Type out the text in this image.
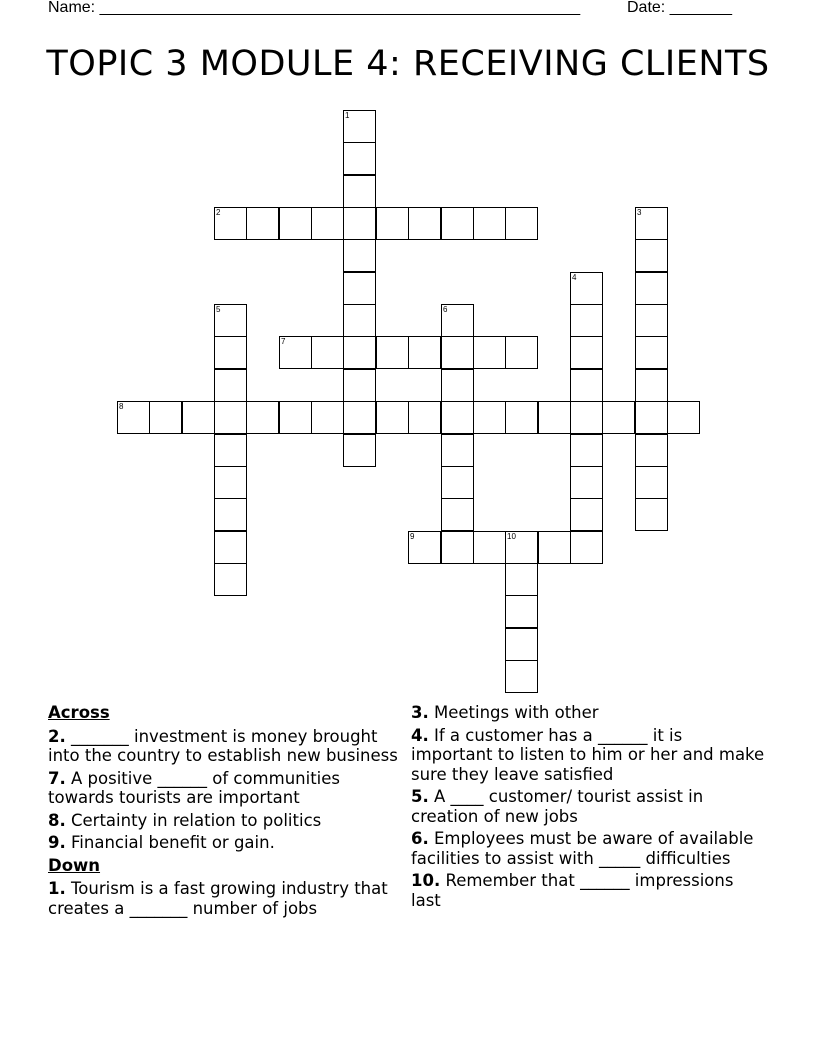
Name: ______________________________________________________	Date: _______
TOPIC 3 MODULE 4: RECEIVING CLIENTS
1
2	3
4
5	6
7
8
9	10
Across
2. _______ investment is money brought into the country to establish new business
7. A positive ______ of communities towards tourists are important
8. Certainty in relation to politics
9. Financial benefit or gain.
Down
1. Tourism is a fast growing industry that creates a _______ number of jobs
3. Meetings with other
4. If a customer has a ______ it is important to listen to him or her and make sure they leave satisfied
5. A ____ customer/ tourist assist in creation of new jobs
6. Employees must be aware of available facilities to assist with _____ difficulties
10. Remember that ______ impressions last
